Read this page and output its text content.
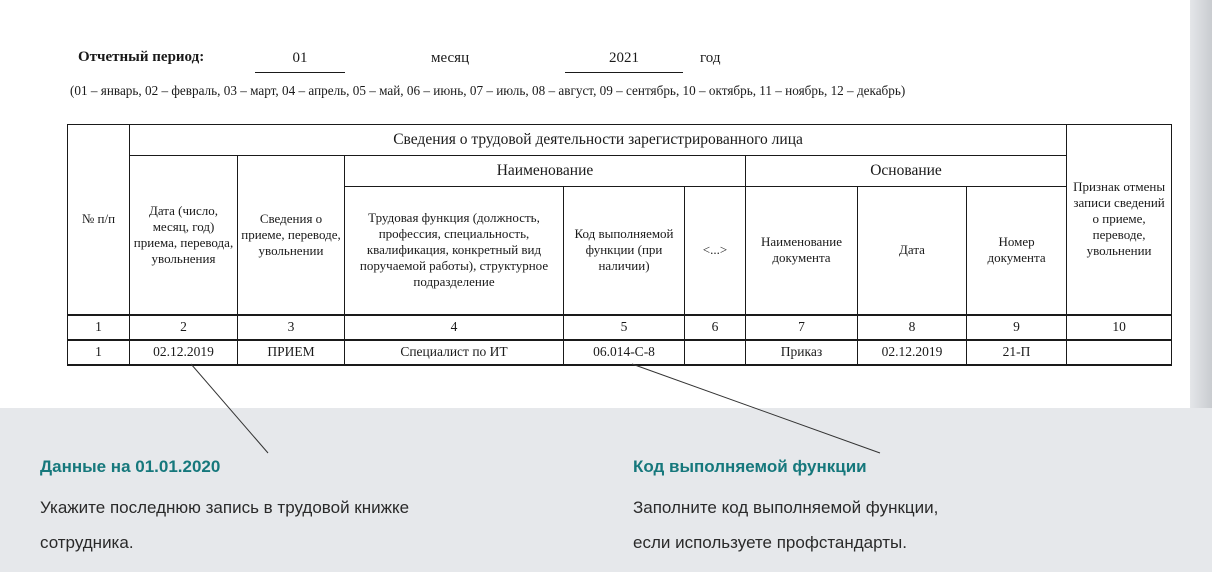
Отчетный период:	01	месяц	2021	год
(01 – январь, 02 – февраль, 03 – март, 04 – апрель, 05 – май, 06 – июнь, 07 – июль, 08 – август, 09 – сентябрь, 10 – октябрь, 11 – ноябрь, 12 – декабрь)
№ п/п	Сведения о трудовой деятельности зарегистрированного лица								Признак отмены записи сведений о приеме, переводе, увольнении
	Дата (число, месяц, год) приема, перевода, увольнения	Сведения о приеме, переводе, увольнении	Наименование			Основание			
			Трудовая функция (должность, профессия, специальность, квалификация, конкретный вид поручаемой работы), структурное подразделение	Код выполняемой функции (при наличии)	<...>	Наименование документа	Дата	Номер документа	
1	2	3	4	5	6	7	8	9	10
1	02.12.2019	ПРИЕМ	Специалист по ИТ	06.014-С-8		Приказ	02.12.2019	21-П	
Данные на 01.01.2020
Укажите последнюю запись в трудовой книжке
сотрудника.
Код выполняемой функции
Заполните код выполняемой функции,
если используете профстандарты.
